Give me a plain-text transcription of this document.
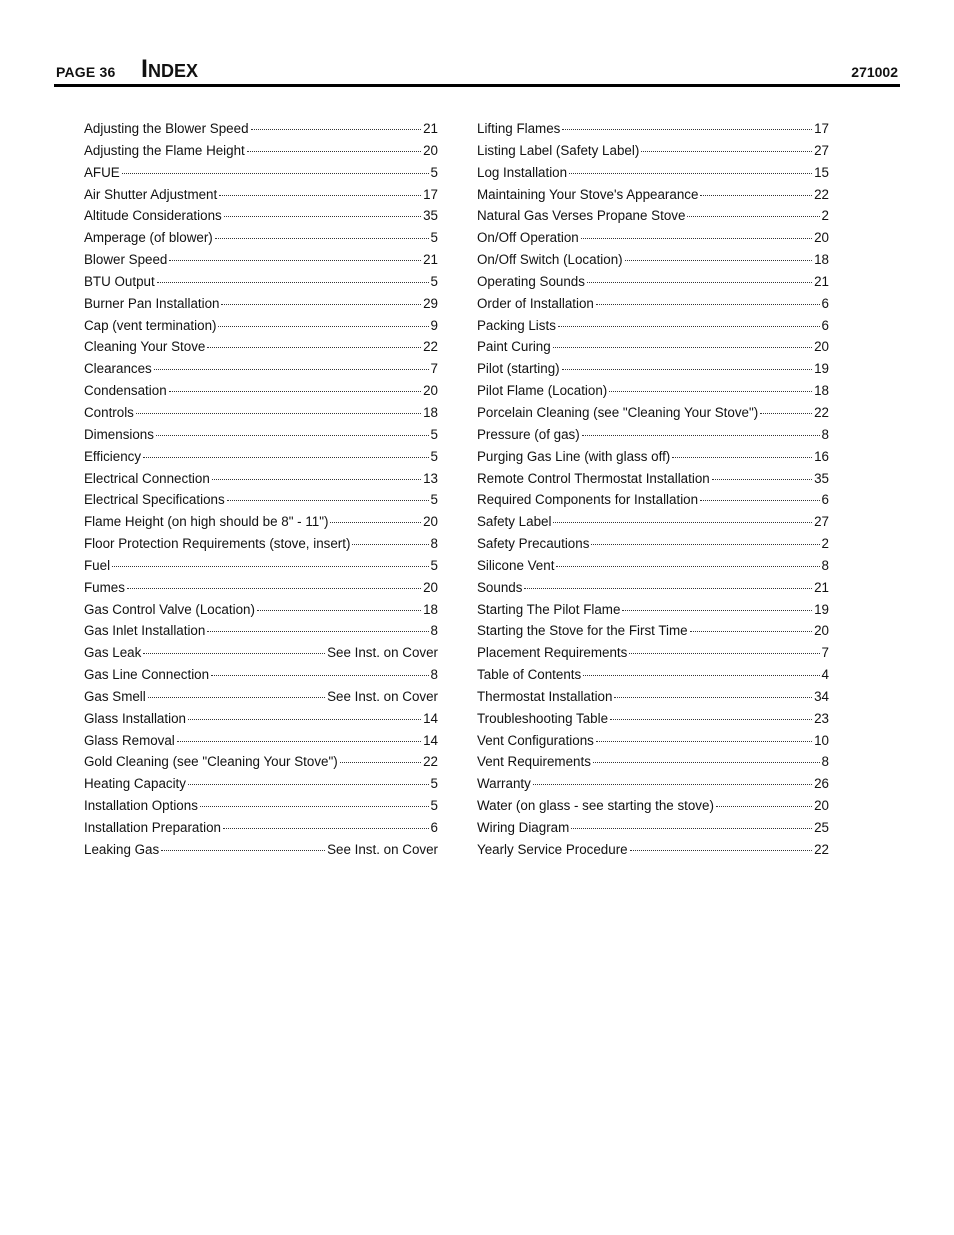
PAGE 36 Index	271002
Adjusting the Blower Speed	21
Adjusting the Flame Height	20
AFUE	5
Air Shutter Adjustment	17
Altitude Considerations	35
Amperage (of blower)	5
Blower Speed	21
BTU Output	5
Burner Pan Installation	29
Cap (vent termination)	9
Cleaning Your Stove	22
Clearances	7
Condensation	20
Controls	18
Dimensions	5
Efficiency	5
Electrical Connection	13
Electrical Specifications	5
Flame Height (on high should be 8" - 11")	20
Floor Protection Requirements (stove, insert)	8
Fuel	5
Fumes	20
Gas Control Valve (Location)	18
Gas Inlet Installation	8
Gas Leak	See Inst. on Cover
Gas Line Connection	8
Gas Smell	See Inst. on Cover
Glass Installation	14
Glass Removal	14
Gold Cleaning (see "Cleaning Your Stove")	22
Heating Capacity	5
Installation Options	5
Installation Preparation	6
Leaking Gas	See Inst. on Cover
Lifting Flames	17
Listing Label (Safety Label)	27
Log Installation	15
Maintaining Your Stove's Appearance	22
Natural Gas Verses Propane Stove	2
On/Off Operation	20
On/Off Switch (Location)	18
Operating Sounds	21
Order of Installation	6
Packing Lists	6
Paint Curing	20
Pilot (starting)	19
Pilot Flame (Location)	18
Porcelain Cleaning (see "Cleaning Your Stove")	22
Pressure (of gas)	8
Purging Gas Line (with glass off)	16
Remote Control Thermostat Installation	35
Required Components for Installation	6
Safety Label	27
Safety Precautions	2
Silicone Vent	8
Sounds	21
Starting The Pilot Flame	19
Starting the Stove for the First Time	20
Placement Requirements	7
Table of Contents	4
Thermostat Installation	34
Troubleshooting Table	23
Vent Configurations	10
Vent Requirements	8
Warranty	26
Water (on glass - see starting the stove)	20
Wiring Diagram	25
Yearly Service Procedure	22
